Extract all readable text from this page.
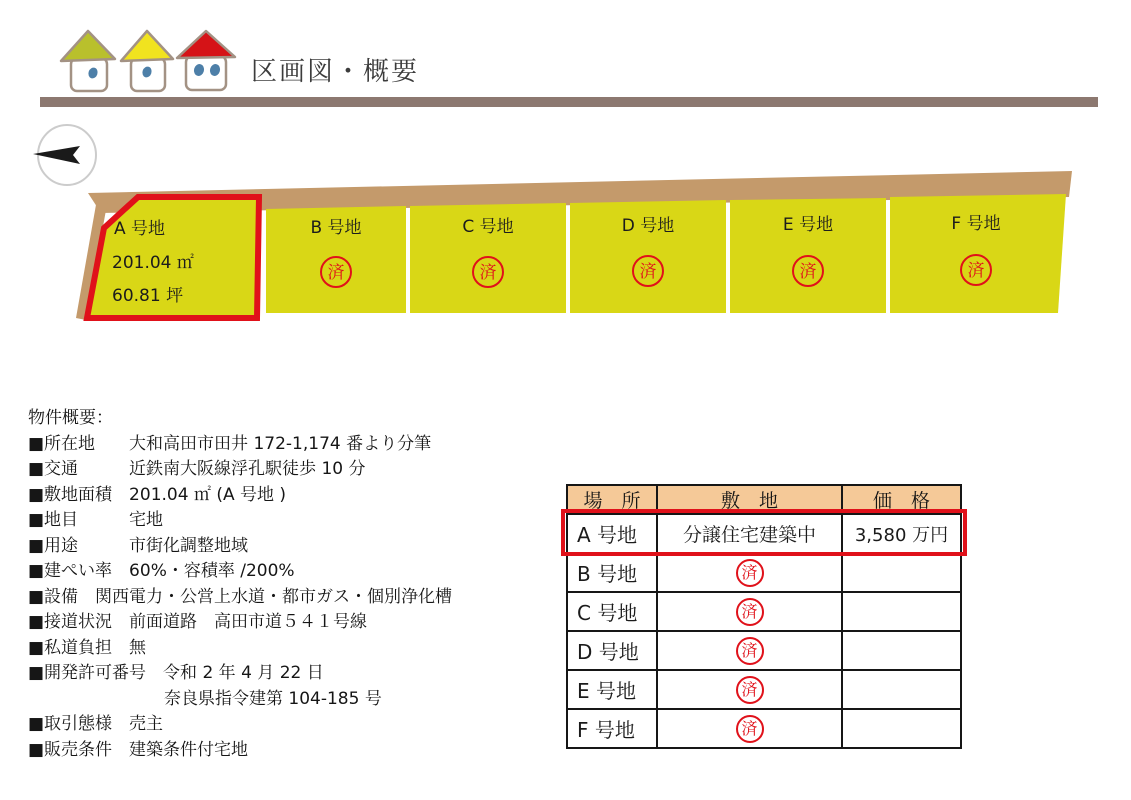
区画図・概要
A 号地
201.04 ㎡
60.81 坪
B 号地	C 号地	D 号地	E 号地	F 号地
済	済	済	済	済
物件概要：
■所在地　　大和高田市田井 172-1,174 番より分筆
■交通　　　近鉄南大阪線浮孔駅徒歩 10 分
■敷地面積　201.04 ㎡ (A 号地 )
■地目　　　宅地
■用途　　　市街化調整地域
■建ぺい率　60%・容積率 /200%
■設備　関西電力・公営上水道・都市ガス・個別浄化槽
■接道状況　前面道路　高田市道５４１号線
■私道負担　無
■開発許可番号　令和 2 年 4 月 22 日
　　　　　　　　奈良県指令建第 104-185 号
■取引態様　売主
■販売条件　建築条件付宅地
場　所	敷　地	価　格
A 号地	分譲住宅建築中	3,580 万円
B 号地	済
C 号地	済
D 号地	済
E 号地	済
F 号地	済
